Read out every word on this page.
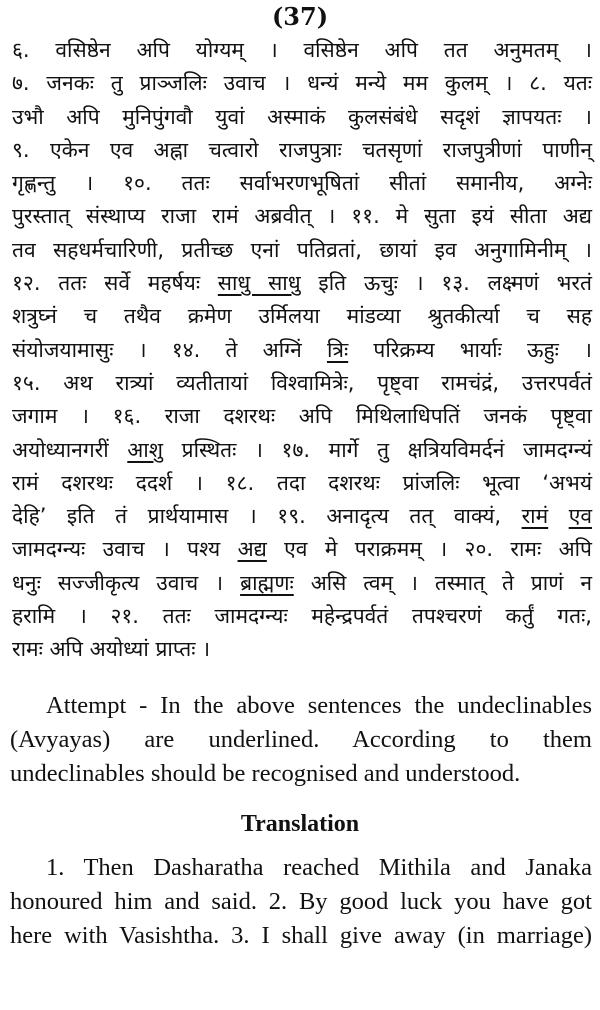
(37)
६. वसिष्ठेन अपि योग्यम् । वसिष्ठेन अपि तत अनुमतम् ।
७. जनकः तु प्राञ्जलिः उवाच । धन्यं मन्ये मम कुलम् । ८. यतः
उभौ अपि मुनिपुंगवौ युवां अस्माकं कुलसंबंधे सदृशं ज्ञापयतः ।
९. एकेन एव अह्ना चत्वारो राजपुत्राः चतसृणां राजपुत्रीणां पाणीन्
गृह्णन्तु । १०. ततः सर्वाभरणभूषितां सीतां समानीय, अग्नेः
पुरस्तात् संस्थाप्य राजा रामं अब्रवीत् । ११. मे सुता इयं सीता अद्य
तव सहधर्मचारिणी, प्रतीच्छ एनां पतिव्रतां, छायां इव अनुगामिनीम् ।
१२. ततः सर्वे महर्षयः साधु साधु इति ऊचुः । १३. लक्ष्मणं भरतं
शत्रुघ्नं च तथैव क्रमेण उर्मिलया मांडव्या श्रुतकीर्त्या च सह
संयोजयामासुः । १४. ते अग्निं त्रिः परिक्रम्य भार्याः ऊहुः ।
१५. अथ रात्र्यां व्यतीतायां विश्वामित्रेः, पृष्ट्वा रामचंद्रं, उत्तरपर्वतं
जगाम । १६. राजा दशरथः अपि मिथिलाधिपतिं जनकं पृष्ट्वा
अयोध्यानगरीं आशु प्रस्थितः । १७. मार्गे तु क्षत्रियविमर्दनं जामदग्न्यं
रामं दशरथः ददर्श । १८. तदा दशरथः प्रांजलिः भूत्वा ‘अभयं
देहि’ इति तं प्रार्थयामास । १९. अनादृत्य तत् वाक्यं, रामं एव
जामदग्न्यः उवाच । पश्य अद्य एव मे पराक्रमम् । २०. रामः अपि
धनुः सज्जीकृत्य उवाच । ब्राह्मणः असि त्वम् । तस्मात् ते प्राणं न
हरामि । २१. ततः जामदग्न्यः महेन्द्रपर्वतं तपश्चरणं कर्तुं गतः,
रामः अपि अयोध्यां प्राप्तः ।
Attempt - In the above sentences the undeclinables
(Avyayas) are underlined. According to them
undeclinables should be recognised and understood.
Translation
1. Then Dasharatha reached Mithila and Janaka
honoured him and said. 2. By good luck you have got
here with Vasishtha. 3. I shall give away (in marriage)
